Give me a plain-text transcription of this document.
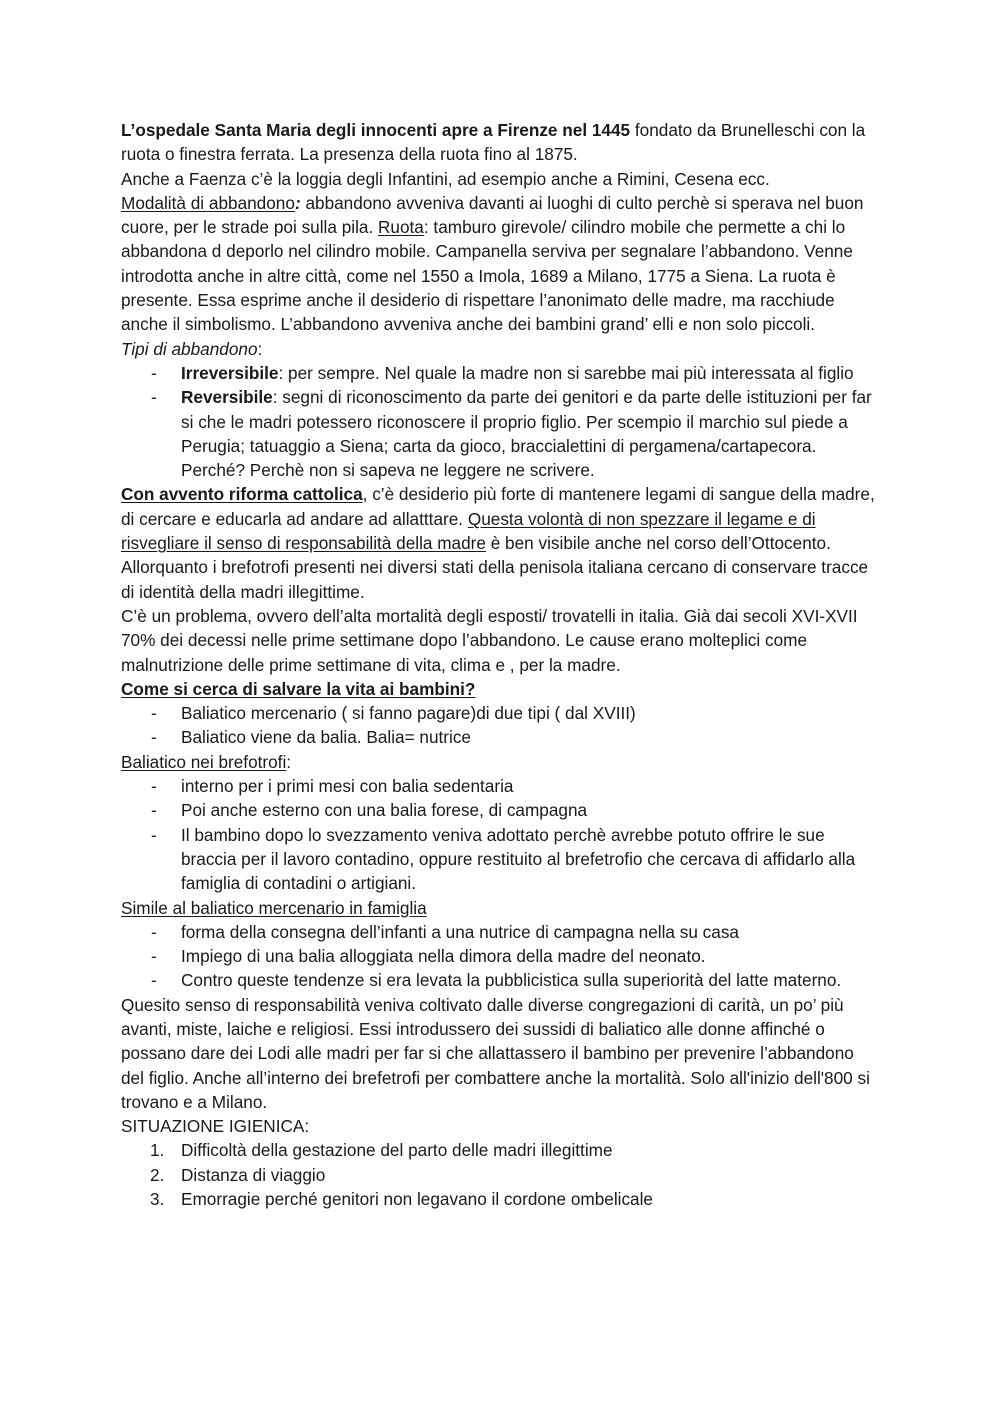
L’ospedale Santa Maria degli innocenti apre a Firenze nel 1445 fondato da Brunelleschi con la ruota o finestra ferrata. La presenza della ruota fino al 1875.

Anche a Faenza c’è la loggia degli Infantini, ad esempio anche a Rimini, Cesena ecc.

Modalità di abbandono: abbandono avveniva davanti ai luoghi di culto perchè si sperava nel buon cuore, per le strade poi sulla pila. Ruota: tamburo girevole/ cilindro mobile che permette a chi lo abbandona d deporlo nel cilindro mobile. Campanella serviva per segnalare l’abbandono. Venne introdotta anche in altre città, come nel 1550 a Imola, 1689 a Milano, 1775 a Siena. La ruota è presente. Essa esprime anche il desiderio di rispettare l’anonimato delle madre, ma racchiude anche il simbolismo. L’abbandono avveniva anche dei bambini grand’ elli e non solo piccoli.

Tipi di abbandono:

- Irreversibile: per sempre. Nel quale la madre non si sarebbe mai più interessata al figlio
- Reversibile: segni di riconoscimento da parte dei genitori e da parte delle istituzioni per far si che le madri potessero riconoscere il proprio figlio. Per scempio il marchio sul piede a Perugia; tatuaggio a Siena; carta da gioco, braccialettini di pergamena/cartapecora. Perché? Perchè non si sapeva ne leggere ne scrivere.

Con avvento riforma cattolica, c’è desiderio più forte di mantenere legami di sangue della madre, di cercare e educarla ad andare ad allatttare. Questa volontà di non spezzare il legame e di risvegliare il senso di responsabilità della madre è ben visibile anche nel corso dell’Ottocento. Allorquanto i brefotrofi presenti nei diversi stati della penisola italiana cercano di conservare tracce di identità della madri illegittime.

C’è un problema, ovvero dell’alta mortalità degli esposti/ trovatelli in italia. Già dai secoli XVI-XVII 70% dei decessi nelle prime settimane dopo l’abbandono. Le cause erano molteplici come malnutrizione delle prime settimane di vita, clima e , per la madre.

Come si cerca di salvare la vita ai bambini?

- Baliatico mercenario ( si fanno pagare)di due tipi ( dal XVIII)
- Baliatico viene da balia. Balia= nutrice

Baliatico nei brefotrofi:

- interno per i primi mesi con balia sedentaria
- Poi anche esterno con una balia forese, di campagna
- Il bambino dopo lo svezzamento veniva adottato perchè avrebbe potuto offrire le sue braccia per il lavoro contadino, oppure restituito al brefetrofio che cercava di affidarlo alla famiglia di contadini o artigiani.

Simile al baliatico mercenario in famiglia

- forma della consegna dell’infanti a una nutrice di campagna nella su casa
- Impiego di una balia alloggiata nella dimora della madre del neonato.
- Contro queste tendenze si era levata la pubblicistica sulla superiorità del latte materno.

Quesito senso di responsabilità veniva coltivato dalle diverse congregazioni di carità, un po’ più avanti, miste, laiche e religiosi. Essi introdussero dei sussidi di baliatico alle donne affinché o possano dare dei Lodi alle madri per far si che allattassero il bambino per prevenire l’abbandono del figlio. Anche all’interno dei brefetrofi per combattere anche la mortalità. Solo all'inizio dell'800 si trovano e a Milano.

SITUAZIONE IGIENICA:

1. Difficoltà della gestazione del parto delle madri illegittime
2. Distanza di viaggio
3. Emorragie perché genitori non legavano il cordone ombelicale
